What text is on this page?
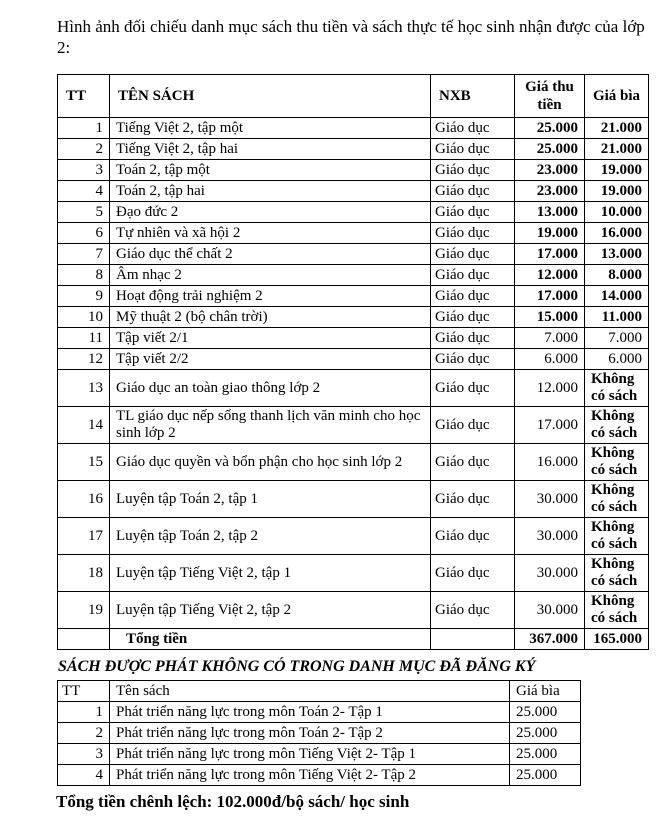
Hình ảnh đối chiếu danh mục sách thu tiền và sách thực tế học sinh nhận được của lớp 2:
TT	TÊN SÁCH	NXB	Giá thu tiền	Giá bìa
1	Tiếng Việt 2, tập một	Giáo dục	25.000	21.000
2	Tiếng Việt 2, tập hai	Giáo dục	25.000	21.000
3	Toán 2, tập một	Giáo dục	23.000	19.000
4	Toán 2, tập hai	Giáo dục	23.000	19.000
5	Đạo đức 2	Giáo dục	13.000	10.000
6	Tự nhiên và xã hội 2	Giáo dục	19.000	16.000
7	Giáo dục thể chất 2	Giáo dục	17.000	13.000
8	Âm nhạc 2	Giáo dục	12.000	8.000
9	Hoạt động trải nghiệm 2	Giáo dục	17.000	14.000
10	Mỹ thuật 2 (bộ chân trời)	Giáo dục	15.000	11.000
11	Tập viết 2/1	Giáo dục	7.000	7.000
12	Tập viết 2/2	Giáo dục	6.000	6.000
13	Giáo dục an toàn giao thông lớp 2	Giáo dục	12.000	Không có sách
14	TL giáo dục nếp sống thanh lịch văn minh cho học sinh lớp 2	Giáo dục	17.000	Không có sách
15	Giáo dục quyền và bổn phận cho học sinh lớp 2	Giáo dục	16.000	Không có sách
16	Luyện tập Toán 2, tập 1	Giáo dục	30.000	Không có sách
17	Luyện tập Toán 2, tập 2	Giáo dục	30.000	Không có sách
18	Luyện tập Tiếng Việt 2, tập 1	Giáo dục	30.000	Không có sách
19	Luyện tập Tiếng Việt 2, tập 2	Giáo dục	30.000	Không có sách
	Tổng tiền		367.000	165.000
SÁCH ĐƯỢC PHÁT KHÔNG CÓ TRONG DANH MỤC ĐÃ ĐĂNG KÝ
TT	Tên sách	Giá bìa
1	Phát triển năng lực trong môn Toán 2- Tập 1	25.000
2	Phát triển năng lực trong môn Toán 2- Tập 2	25.000
3	Phát triển năng lực trong môn Tiếng Việt 2- Tập 1	25.000
4	Phát triển năng lực trong môn Tiếng Việt 2- Tập 2	25.000
Tổng tiền chênh lệch: 102.000đ/bộ sách/ học sinh
